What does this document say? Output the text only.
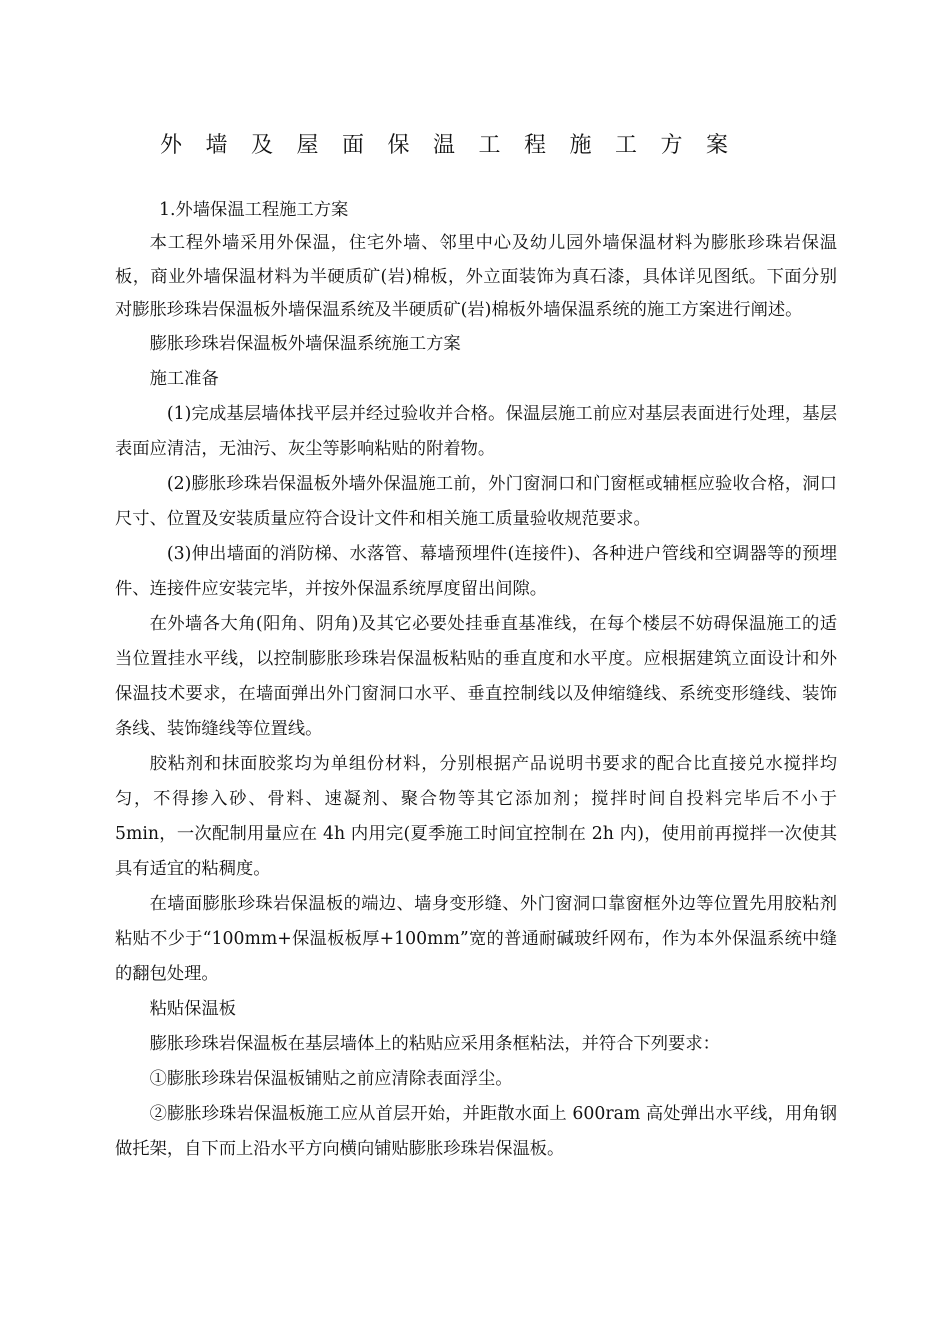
外墙及屋面保温工程施工方案

1.外墙保温工程施工方案

本工程外墙采用外保温，住宅外墙、邻里中心及幼儿园外墙保温材料为膨胀珍珠岩保温板，商业外墙保温材料为半硬质矿(岩)棉板，外立面装饰为真石漆，具体详见图纸。下面分别对膨胀珍珠岩保温板外墙保温系统及半硬质矿(岩)棉板外墙保温系统的施工方案进行阐述。

膨胀珍珠岩保温板外墙保温系统施工方案

施工准备

(1)完成基层墙体找平层并经过验收并合格。保温层施工前应对基层表面进行处理，基层表面应清洁，无油污、灰尘等影响粘贴的附着物。

(2)膨胀珍珠岩保温板外墙外保温施工前，外门窗洞口和门窗框或辅框应验收合格，洞口尺寸、位置及安装质量应符合设计文件和相关施工质量验收规范要求。

(3)伸出墙面的消防梯、水落管、幕墙预埋件(连接件)、各种进户管线和空调器等的预埋件、连接件应安装完毕，并按外保温系统厚度留出间隙。

在外墙各大角(阳角、阴角)及其它必要处挂垂直基准线，在每个楼层不妨碍保温施工的适当位置挂水平线，以控制膨胀珍珠岩保温板粘贴的垂直度和水平度。应根据建筑立面设计和外保温技术要求，在墙面弹出外门窗洞口水平、垂直控制线以及伸缩缝线、系统变形缝线、装饰条线、装饰缝线等位置线。

胶粘剂和抹面胶浆均为单组份材料，分别根据产品说明书要求的配合比直接兑水搅拌均匀，不得掺入砂、骨料、速凝剂、聚合物等其它添加剂；搅拌时间自投料完毕后不小于 5min，一次配制用量应在 4h 内用完(夏季施工时间宜控制在 2h 内)，使用前再搅拌一次使其具有适宜的粘稠度。

在墙面膨胀珍珠岩保温板的端边、墙身变形缝、外门窗洞口靠窗框外边等位置先用胶粘剂粘贴不少于“100mm+保温板板厚+100mm”宽的普通耐碱玻纤网布，作为本外保温系统中缝的翻包处理。

粘贴保温板

膨胀珍珠岩保温板在基层墙体上的粘贴应采用条框粘法，并符合下列要求：

①膨胀珍珠岩保温板铺贴之前应清除表面浮尘。

②膨胀珍珠岩保温板施工应从首层开始，并距散水面上 600ram 高处弹出水平线，用角钢做托架，自下而上沿水平方向横向铺贴膨胀珍珠岩保温板。
